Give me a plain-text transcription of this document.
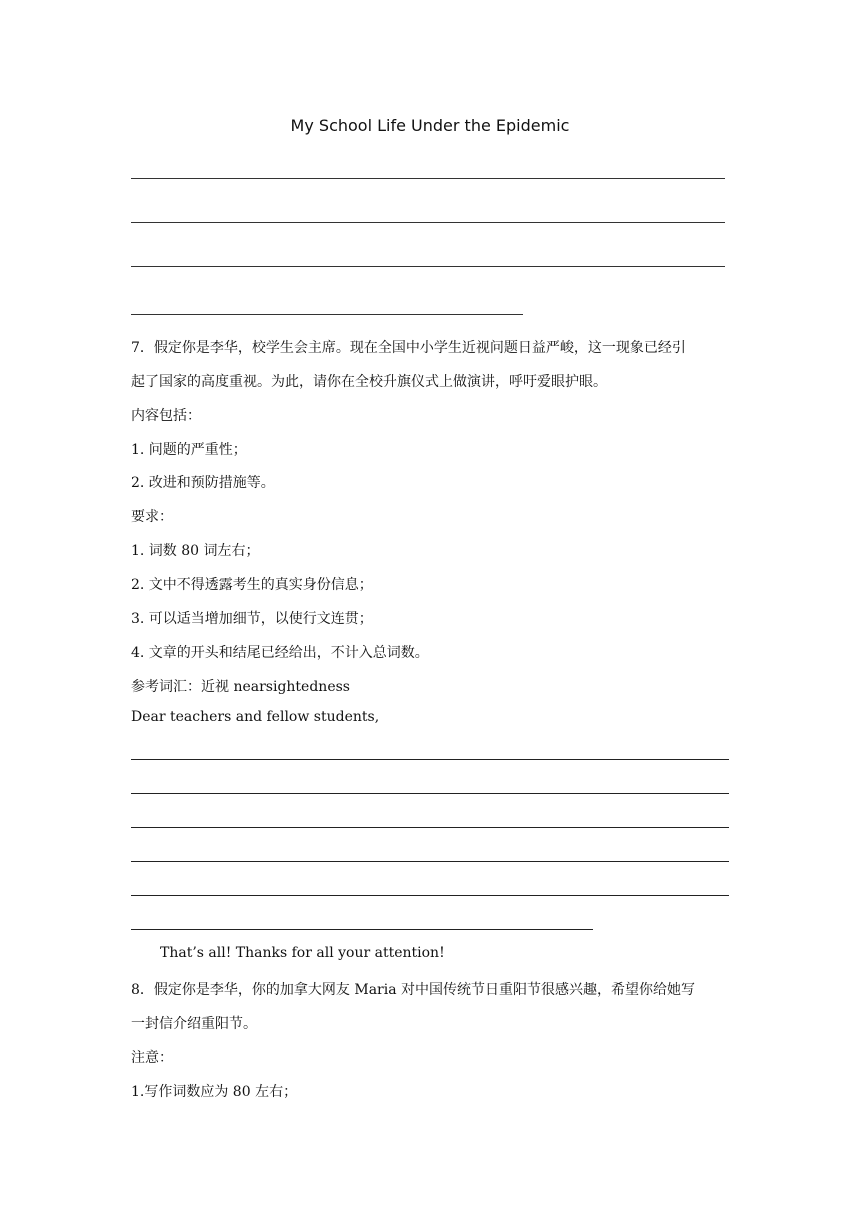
My School Life Under the Epidemic
7．假定你是李华，校学生会主席。现在全国中小学生近视问题日益严峻，这一现象已经引
起了国家的高度重视。为此，请你在全校升旗仪式上做演讲，呼吁爱眼护眼。
内容包括：
1. 问题的严重性；
2. 改进和预防措施等。
要求：
1. 词数 80 词左右；
2. 文中不得透露考生的真实身份信息；
3. 可以适当增加细节，以使行文连贯；
4. 文章的开头和结尾已经给出，不计入总词数。
参考词汇：近视 nearsightedness
Dear teachers and fellow students,
That’s all! Thanks for all your attention!
8．假定你是李华，你的加拿大网友 Maria 对中国传统节日重阳节很感兴趣，希望你给她写
一封信介绍重阳节。
注意：
1.写作词数应为 80 左右；
